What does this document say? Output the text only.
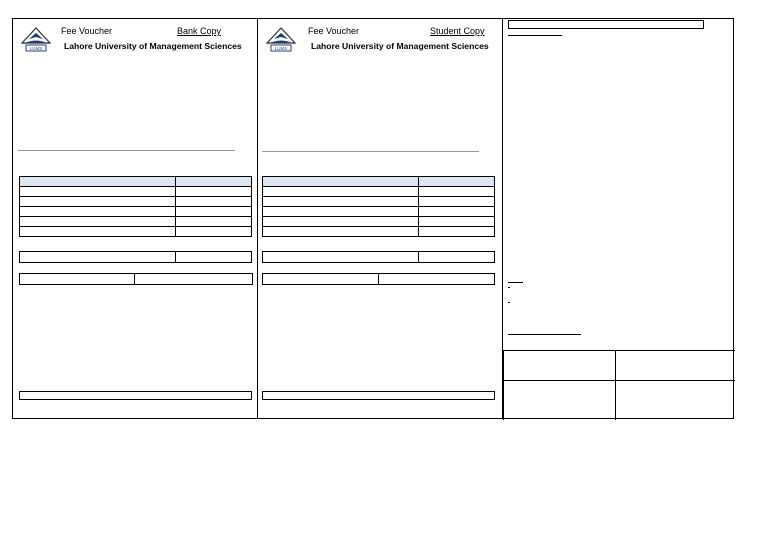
LUMS
Fee Voucher	Bank Copy
Lahore University of Management Sciences

		LUMS
Fee Voucher	Student Copy
Lahore University of Management Sciences
